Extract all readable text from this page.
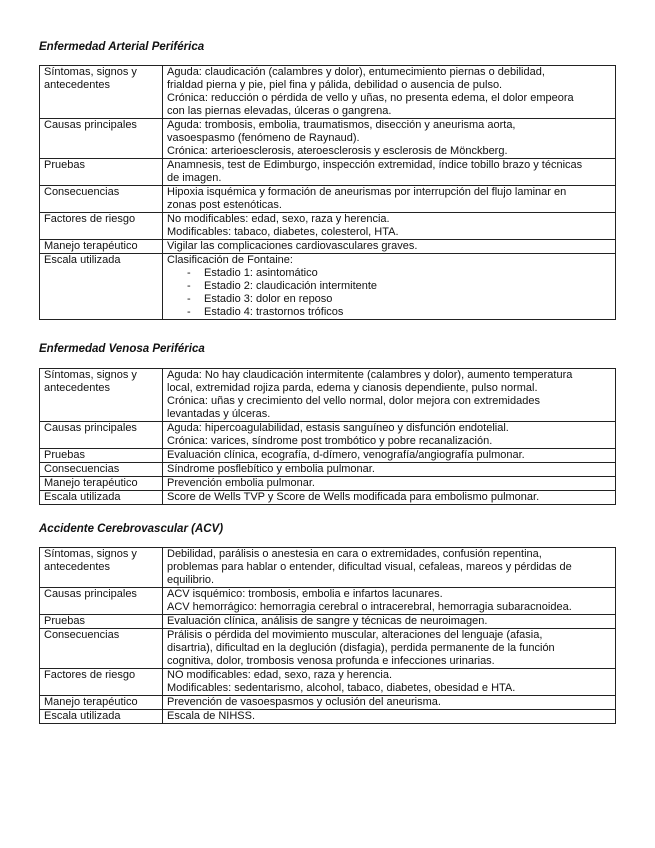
Enfermedad Arterial Periférica
Síntomas, signos y
antecedentes	Aguda: claudicación (calambres y dolor), entumecimiento piernas o debilidad,
frialdad pierna y pie, piel fina y pálida, debilidad o ausencia de pulso.
Crónica: reducción o pérdida de vello y uñas, no presenta edema, el dolor empeora
con las piernas elevadas, úlceras o gangrena.

Causas principales	Aguda: trombosis, embolia, traumatismos, disección y aneurisma aorta,
vasoespasmo (fenómeno de Raynaud).
Crónica: arterioesclerosis, ateroesclerosis y esclerosis de Mönckberg.

Pruebas	Anamnesis, test de Edimburgo, inspección extremidad, índice tobillo brazo y técnicas
de imagen.

Consecuencias	Hipoxia isquémica y formación de aneurismas por interrupción del flujo laminar en
zonas post estenóticas.

Factores de riesgo	No modificables: edad, sexo, raza y herencia.
Modificables: tabaco, diabetes, colesterol, HTA.

Manejo terapéutico	Vigilar las complicaciones cardiovasculares graves.

Escala utilizada	Clasificación de Fontaine:
- Estadio 1: asintomático
- Estadio 2: claudicación intermitente
- Estadio 3: dolor en reposo
- Estadio 4: trastornos tróficos
Enfermedad Venosa Periférica
Síntomas, signos y
antecedentes	Aguda: No hay claudicación intermitente (calambres y dolor), aumento temperatura
local, extremidad rojiza parda, edema y cianosis dependiente, pulso normal.
Crónica: uñas y crecimiento del vello normal, dolor mejora con extremidades
levantadas y úlceras.

Causas principales	Aguda: hipercoagulabilidad, estasis sanguíneo y disfunción endotelial.
Crónica: varices, síndrome post trombótico y pobre recanalización.

Pruebas	Evaluación clínica, ecografía, d-dímero, venografía/angiografía pulmonar.

Consecuencias	Síndrome posflebítico y embolia pulmonar.

Manejo terapéutico	Prevención embolia pulmonar.

Escala utilizada	Score de Wells TVP y Score de Wells modificada para embolismo pulmonar.
Accidente Cerebrovascular (ACV)
Síntomas, signos y
antecedentes	Debilidad, parálisis o anestesia en cara o extremidades, confusión repentina,
problemas para hablar o entender, dificultad visual, cefaleas, mareos y pérdidas de
equilibrio.

Causas principales	ACV isquémico: trombosis, embolia e infartos lacunares.
ACV hemorrágico: hemorragia cerebral o intracerebral, hemorragia subaracnoidea.

Pruebas	Evaluación clínica, análisis de sangre y técnicas de neuroimagen.

Consecuencias	Prálisis o pérdida del movimiento muscular, alteraciones del lenguaje (afasia,
disartria), dificultad en la deglución (disfagia), perdida permanente de la función
cognitiva, dolor, trombosis venosa profunda e infecciones urinarias.

Factores de riesgo	NO modificables: edad, sexo, raza y herencia.
Modificables: sedentarismo, alcohol, tabaco, diabetes, obesidad e HTA.

Manejo terapéutico	Prevención de vasoespasmos y oclusión del aneurisma.

Escala utilizada	Escala de NIHSS.
